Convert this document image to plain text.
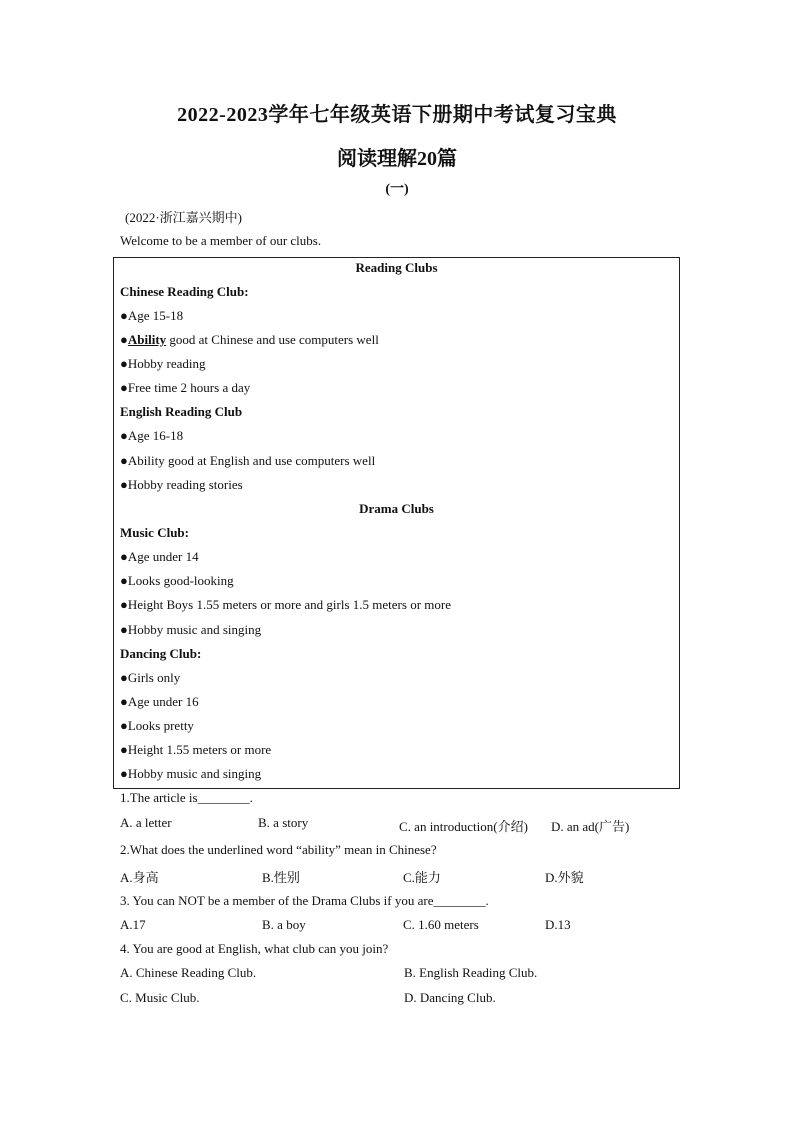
2022-2023学年七年级英语下册期中考试复习宝典
阅读理解20篇
(一)
(2022·浙江嘉兴期中)
Welcome to be a member of our clubs.
Reading Clubs
Chinese Reading Club:
●Age 15-18
●Ability good at Chinese and use computers well
●Hobby reading
●Free time 2 hours a day
English Reading Club
●Age 16-18
●Ability good at English and use computers well
●Hobby reading stories
Drama Clubs
Music Club:
●Age under 14
●Looks good-looking
●Height Boys 1.55 meters or more and girls 1.5 meters or more
●Hobby music and singing
Dancing Club:
●Girls only
●Age under 16
●Looks pretty
●Height 1.55 meters or more
●Hobby music and singing
1.The article is________.
A. a letter	B. a story	C. an introduction(介绍) D. an ad(广告)
2.What does the underlined word “ability” mean in Chinese?
A.身高	B.性别	C.能力	D.外貌
3. You can NOT be a member of the Drama Clubs if you are________.
A.17	B. a boy	C. 1.60 meters	D.13
4. You are good at English, what club can you join?
A. Chinese Reading Club.	B. English Reading Club.
C. Music Club.	D. Dancing Club.
